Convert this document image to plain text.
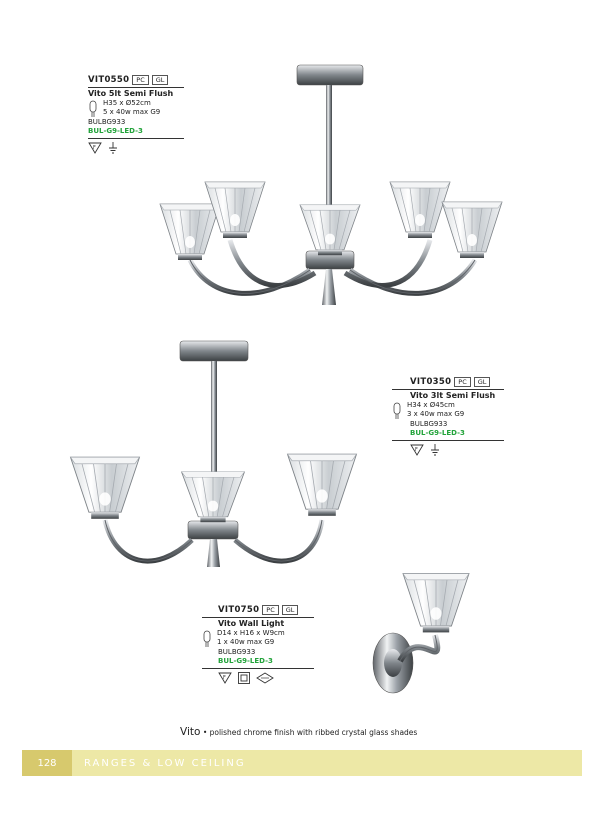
VIT0550	PC	GL
Vito 5lt Semi Flush
H35 x Ø52cm
5 x 40w max G9
BULBG933
BUL-G9-LED-3
F
VIT0350	PC	GL
Vito 3lt Semi Flush
H34 x Ø45cm
3 x 40w max G9
BULBG933
BUL-G9-LED-3
F
VIT0750	PC	GL
Vito Wall Light
D14 x H16 x W9cm
1 x 40w max G9
BULBG933
BUL-G9-LED-3
F
Vito • polished chrome finish with ribbed crystal glass shades
128	RANGES & LOW CEILING
